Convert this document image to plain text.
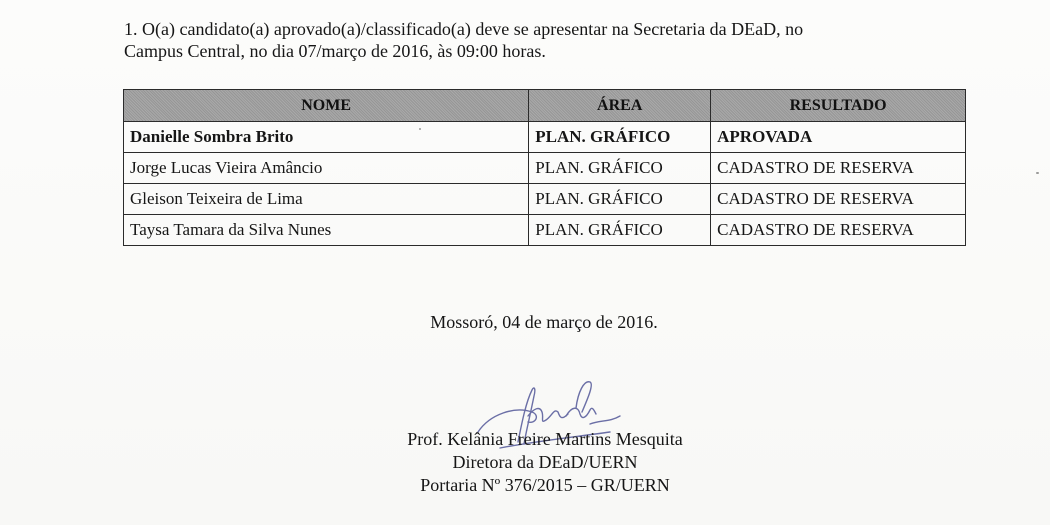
1. O(a) candidato(a) aprovado(a)/classificado(a) deve se apresentar na Secretaria da DEaD, no
Campus Central, no dia 07/março de 2016, às 09:00 horas.

NOME	ÁREA	RESULTADO
Danielle Sombra Brito	PLAN. GRÁFICO	APROVADA
Jorge Lucas Vieira Amâncio	PLAN. GRÁFICO	CADASTRO DE RESERVA
Gleison Teixeira de Lima	PLAN. GRÁFICO	CADASTRO DE RESERVA
Taysa Tamara da Silva Nunes	PLAN. GRÁFICO	CADASTRO DE RESERVA

Mossoró, 04 de março de 2016.

Prof. Kelânia Freire Martins Mesquita
Diretora da DEaD/UERN
Portaria Nº 376/2015 – GR/UERN
